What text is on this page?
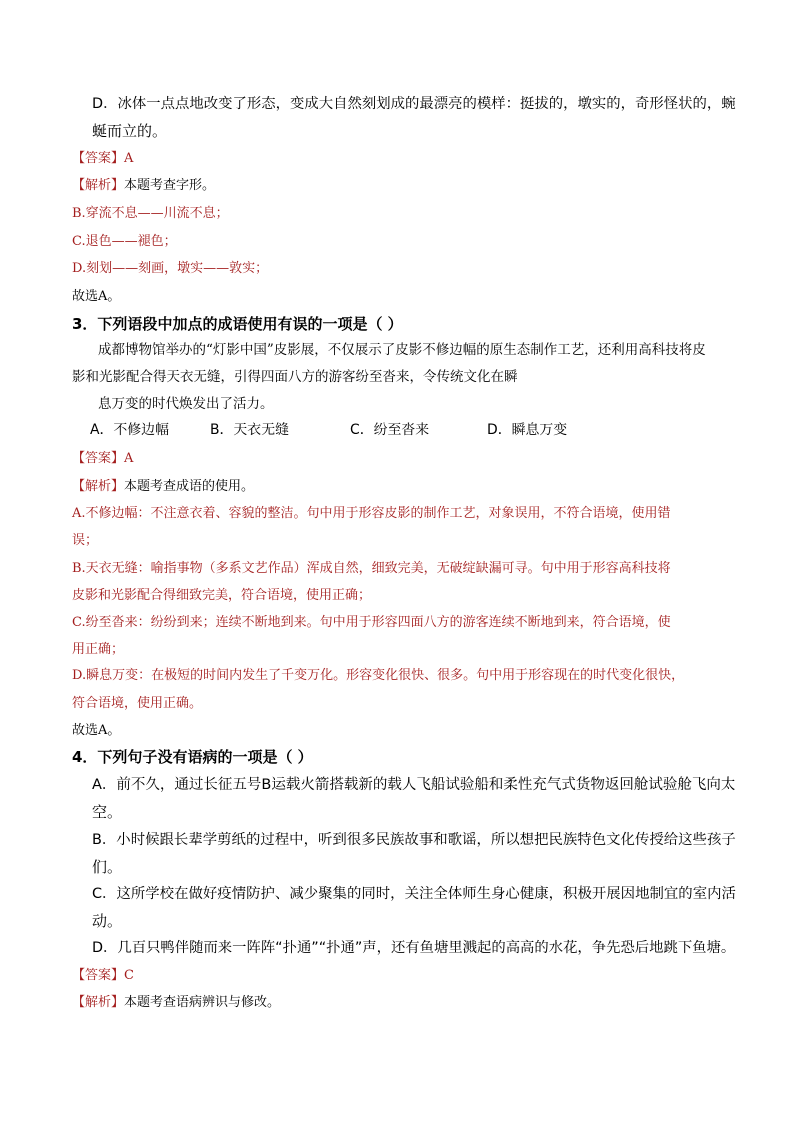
D．冰体一点点地改变了形态，变成大自然刻划成的最漂亮的模样：挺拔的，墩实的，奇形怪状的，蜿
蜒而立的。
【答案】A
【解析】本题考查字形。
B.穿流不息——川流不息；
C.退色——褪色；
D.刻划——刻画，墩实——敦实；
故选A。
3．下列语段中加点的成语使用有误的一项是（ ）
成都博物馆举办的“灯影中国”皮影展，不仅展示了皮影不修边幅的原生态制作工艺，还利用高科技将皮
影和光影配合得天衣无缝，引得四面八方的游客纷至沓来，令传统文化在瞬
息万变的时代焕发出了活力。
A．不修边幅	B．天衣无缝	C．纷至沓来	D．瞬息万变
【答案】A
【解析】本题考查成语的使用。
A.不修边幅：不注意衣着、容貌的整洁。句中用于形容皮影的制作工艺，对象误用，不符合语境，使用错
误；
B.天衣无缝：喻指事物（多系文艺作品）浑成自然，细致完美，无破绽缺漏可寻。句中用于形容高科技将
皮影和光影配合得细致完美，符合语境，使用正确；
C.纷至沓来：纷纷到来；连续不断地到来。句中用于形容四面八方的游客连续不断地到来，符合语境，使
用正确；
D.瞬息万变：在极短的时间内发生了千变万化。形容变化很快、很多。句中用于形容现在的时代变化很快，
符合语境，使用正确。
故选A。
4．下列句子没有语病的一项是（ ）
A．前不久，通过长征五号B运载火箭搭载新的载人飞船试验船和柔性充气式货物返回舱试验舱飞向太
空。
B．小时候跟长辈学剪纸的过程中，听到很多民族故事和歌谣，所以想把民族特色文化传授给这些孩子
们。
C．这所学校在做好疫情防护、减少聚集的同时，关注全体师生身心健康，积极开展因地制宜的室内活
动。
D．几百只鸭伴随而来一阵阵“扑通”“扑通”声，还有鱼塘里溅起的高高的水花，争先恐后地跳下鱼塘。
【答案】C
【解析】本题考查语病辨识与修改。
